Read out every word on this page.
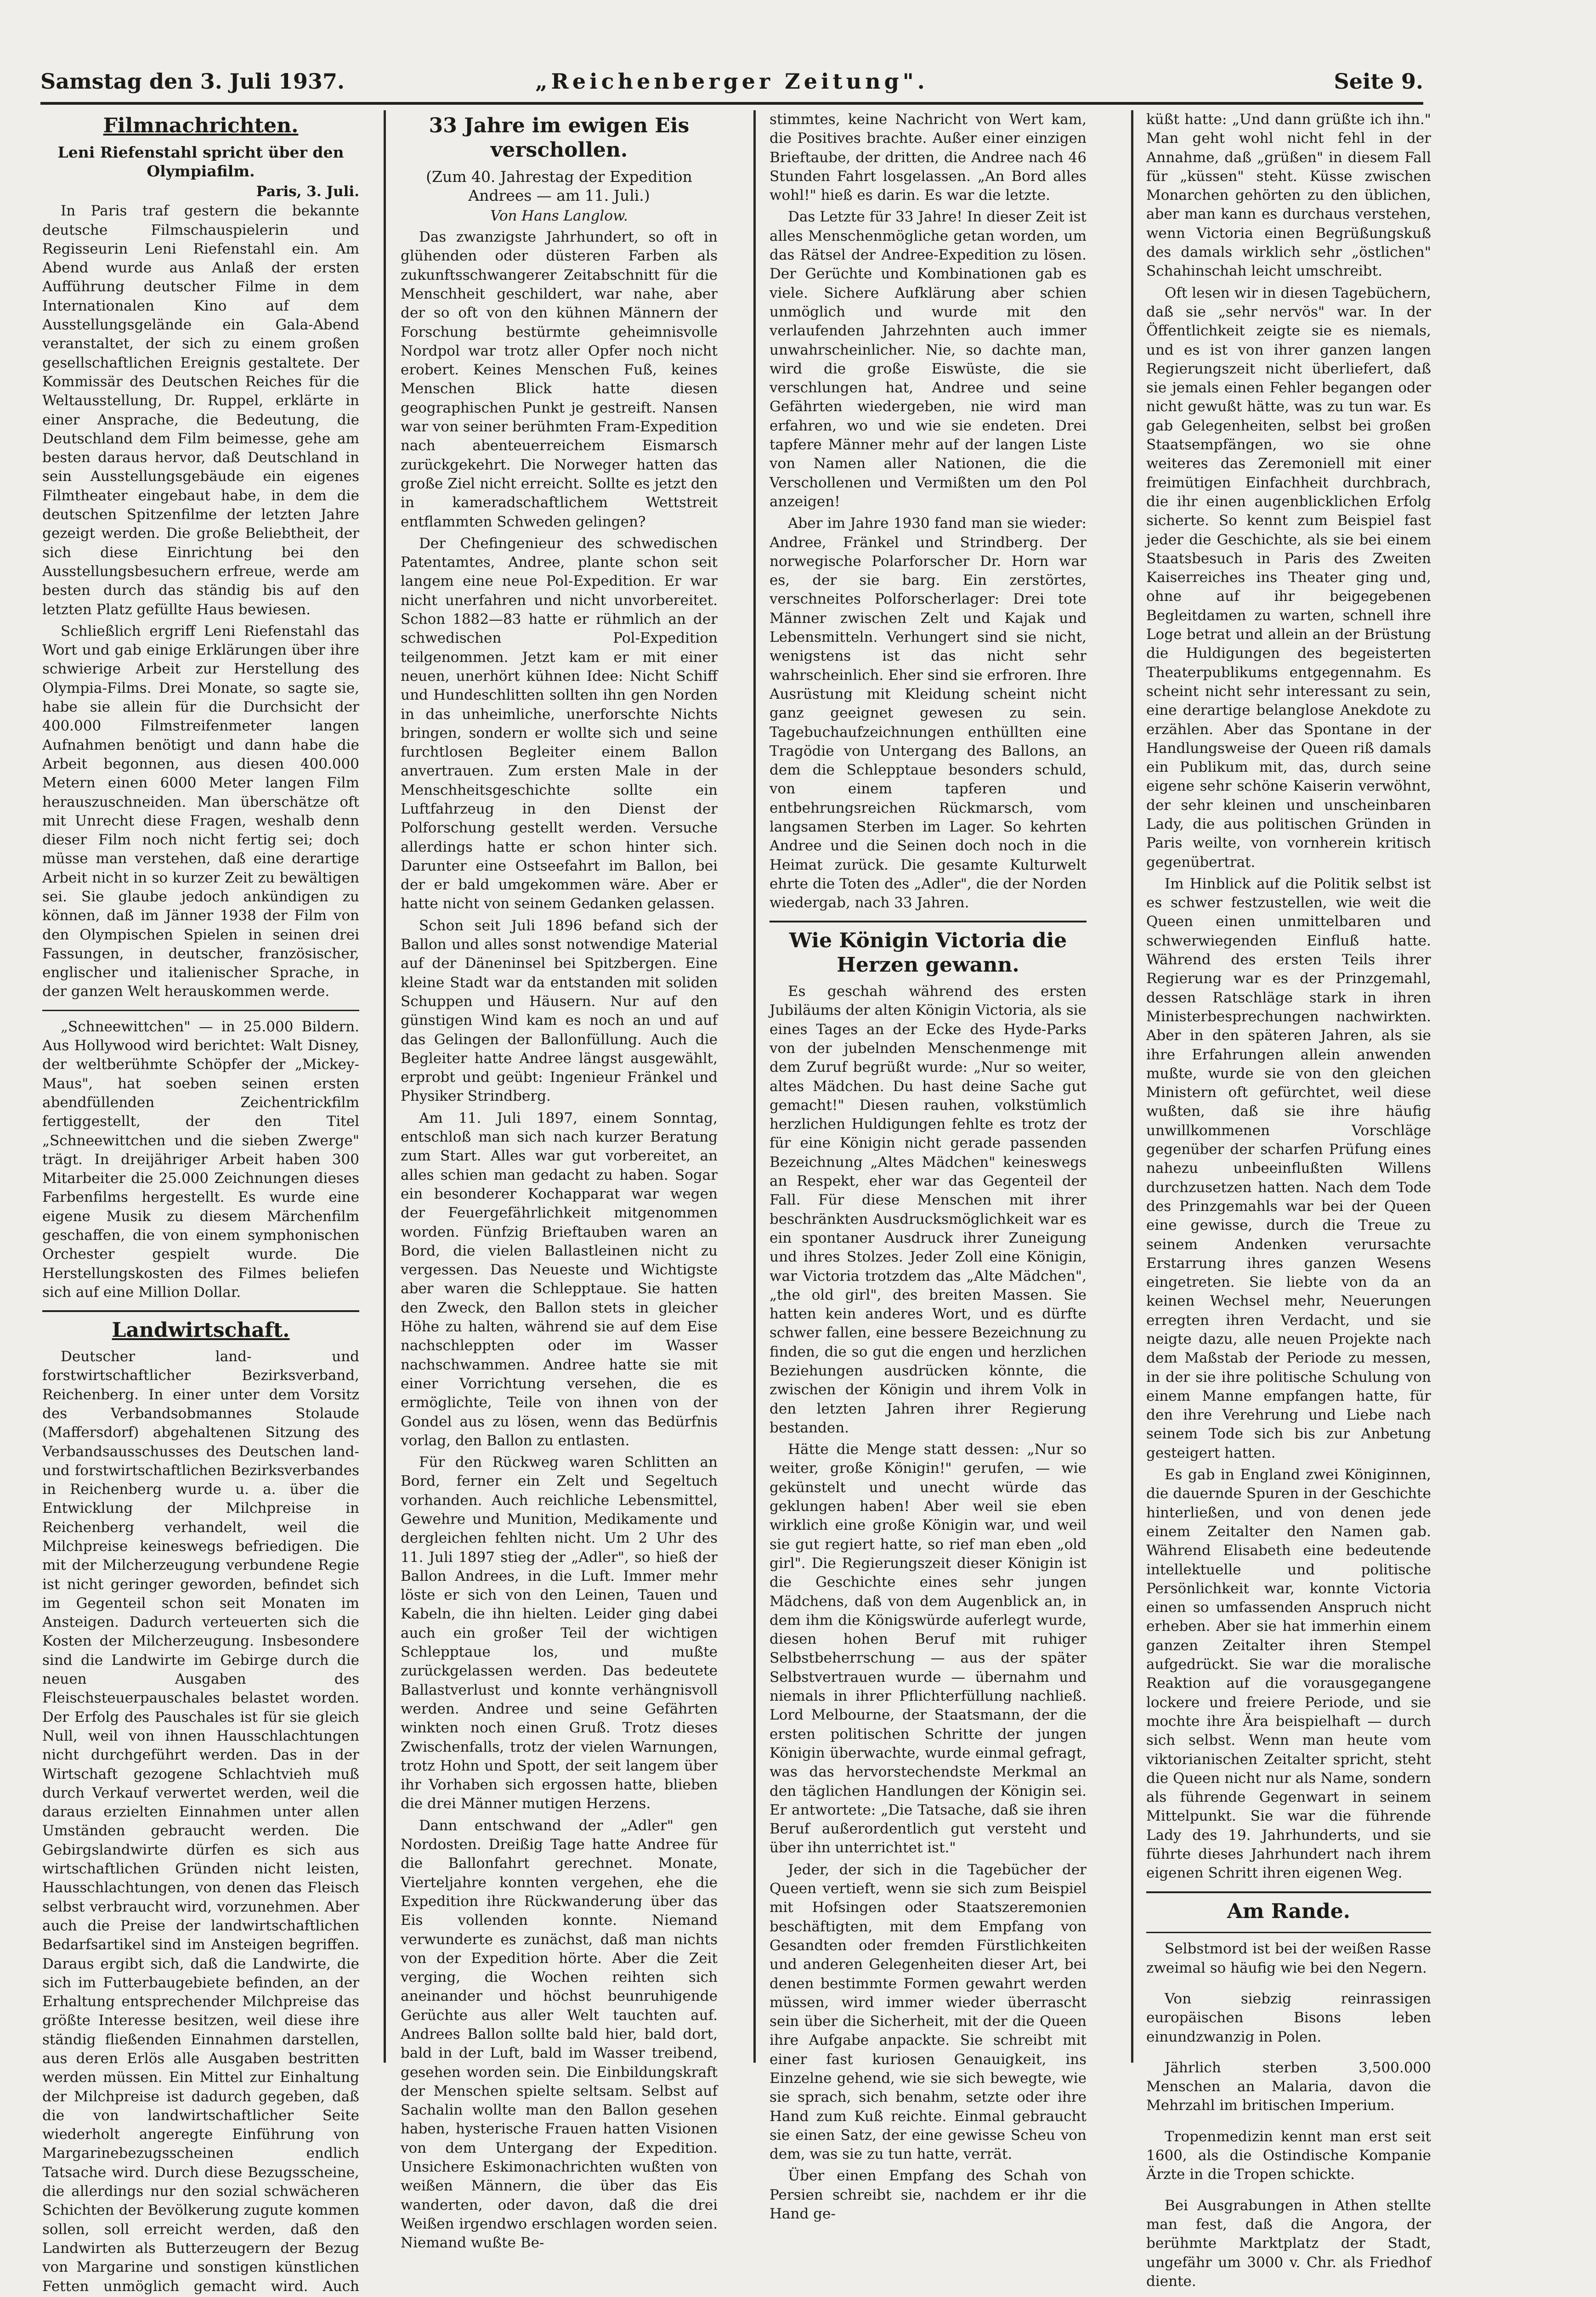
Samstag den 3. Juli 1937.	„Reichenberger Zeitung".	Seite 9.
Filmnachrichten.
Leni Riefenstahl spricht über den Olympiafilm.
Paris, 3. Juli.

In Paris traf gestern die bekannte deutsche Filmschauspielerin und Regisseurin Leni Riefenstahl ein. Am Abend wurde aus Anlaß der ersten Aufführung deutscher Filme in dem Internationalen Kino auf dem Ausstellungsgelände ein Gala-Abend veranstaltet, der sich zu einem großen gesellschaftlichen Ereignis gestaltete. Der Kommissär des Deutschen Reiches für die Weltausstellung, Dr. Ruppel, erklärte in einer Ansprache, die Bedeutung, die Deutschland dem Film beimesse, gehe am besten daraus hervor, daß Deutschland in sein Ausstellungsgebäude ein eigenes Filmtheater eingebaut habe, in dem die deutschen Spitzenfilme der letzten Jahre gezeigt werden. Die große Beliebtheit, der sich diese Einrichtung bei den Ausstellungsbesuchern erfreue, werde am besten durch das ständig bis auf den letzten Platz gefüllte Haus bewiesen.

Schließlich ergriff Leni Riefenstahl das Wort und gab einige Erklärungen über ihre schwierige Arbeit zur Herstellung des Olympia-Films. Drei Monate, so sagte sie, habe sie allein für die Durchsicht der 400.000 Filmstreifenmeter langen Aufnahmen benötigt und dann habe die Arbeit begonnen, aus diesen 400.000 Metern einen 6000 Meter langen Film herauszuschneiden. Man überschätze oft mit Unrecht diese Fragen, weshalb denn dieser Film noch nicht fertig sei; doch müsse man verstehen, daß eine derartige Arbeit nicht in so kurzer Zeit zu bewältigen sei. Sie glaube jedoch ankündigen zu können, daß im Jänner 1938 der Film von den Olympischen Spielen in seinen drei Fassungen, in deutscher, französischer, englischer und italienischer Sprache, in der ganzen Welt herauskommen werde.

„Schneewittchen" — in 25.000 Bildern. Aus Hollywood wird berichtet: Walt Disney, der weltberühmte Schöpfer der „Mickey-Maus", hat soeben seinen ersten abendfüllenden Zeichentrickfilm fertiggestellt, der den Titel „Schneewittchen und die sieben Zwerge" trägt. In dreijähriger Arbeit haben 300 Mitarbeiter die 25.000 Zeichnungen dieses Farbenfilms hergestellt. Es wurde eine eigene Musik zu diesem Märchenfilm geschaffen, die von einem symphonischen Orchester gespielt wurde. Die Herstellungskosten des Filmes beliefen sich auf eine Million Dollar.

Landwirtschaft.

Deutscher land- und forstwirtschaftlicher Bezirksverband, Reichenberg. In einer unter dem Vorsitz des Verbandsobmannes Stolaude (Maffersdorf) abgehaltenen Sitzung des Verbandsausschusses des Deutschen land- und forstwirtschaftlichen Bezirksverbandes in Reichenberg wurde u. a. über die Entwicklung der Milchpreise in Reichenberg verhandelt, weil die Milchpreise keineswegs befriedigen. Die mit der Milcherzeugung verbundene Regie ist nicht geringer geworden, befindet sich im Gegenteil schon seit Monaten im Ansteigen. Dadurch verteuerten sich die Kosten der Milcherzeugung. Insbesondere sind die Landwirte im Gebirge durch die neuen Ausgaben des Fleischsteuerpauschales belastet worden. Der Erfolg des Pauschales ist für sie gleich Null, weil von ihnen Hausschlachtungen nicht durchgeführt werden. Das in der Wirtschaft gezogene Schlachtvieh muß durch Verkauf verwertet werden, weil die daraus erzielten Einnahmen unter allen Umständen gebraucht werden. Die Gebirgslandwirte dürfen es sich aus wirtschaftlichen Gründen nicht leisten, Hausschlachtungen, von denen das Fleisch selbst verbraucht wird, vorzunehmen. Aber auch die Preise der landwirtschaftlichen Bedarfsartikel sind im Ansteigen begriffen. Daraus ergibt sich, daß die Landwirte, die sich im Futterbaugebiete befinden, an der Erhaltung entsprechender Milchpreise das größte Interesse besitzen, weil diese ihre ständig fließenden Einnahmen darstellen, aus deren Erlös alle Ausgaben bestritten werden müssen. Ein Mittel zur Einhaltung der Milchpreise ist dadurch gegeben, daß die von landwirtschaftlicher Seite wiederholt angeregte Einführung von Margarinebezugsscheinen endlich Tatsache wird. Durch diese Bezugsscheine, die allerdings nur den sozial schwächeren Schichten der Bevölkerung zugute kommen sollen, soll erreicht werden, daß den Landwirten als Butterzeugern der Bezug von Margarine und sonstigen künstlichen Fetten unmöglich gemacht wird. Auch

33 Jahre im ewigen Eis verschollen.
(Zum 40. Jahrestag der Expedition Andrees — am 11. Juli.)
Von Hans Langlow.

Das zwanzigste Jahrhundert, so oft in glühenden oder düsteren Farben als zukunftsschwangerer Zeitabschnitt für die Menschheit geschildert, war nahe, aber der so oft von den kühnen Männern der Forschung bestürmte geheimnisvolle Nordpol war trotz aller Opfer noch nicht erobert. Keines Menschen Fuß, keines Menschen Blick hatte diesen geographischen Punkt je gestreift. Nansen war von seiner berühmten Fram-Expedition nach abenteuerreichem Eismarsch zurückgekehrt. Die Norweger hatten das große Ziel nicht erreicht. Sollte es jetzt den in kameradschaftlichem Wettstreit entflammten Schweden gelingen?

Der Chefingenieur des schwedischen Patentamtes, Andree, plante schon seit langem eine neue Pol-Expedition. Er war nicht unerfahren und nicht unvorbereitet. Schon 1882—83 hatte er rühmlich an der schwedischen Pol-Expedition teilgenommen. Jetzt kam er mit einer neuen, unerhört kühnen Idee: Nicht Schiff und Hundeschlitten sollten ihn gen Norden in das unheimliche, unerforschte Nichts bringen, sondern er wollte sich und seine furchtlosen Begleiter einem Ballon anvertrauen. Zum ersten Male in der Menschheitsgeschichte sollte ein Luftfahrzeug in den Dienst der Polforschung gestellt werden. Versuche allerdings hatte er schon hinter sich. Darunter eine Ostseefahrt im Ballon, bei der er bald umgekommen wäre. Aber er hatte nicht von seinem Gedanken gelassen.

Schon seit Juli 1896 befand sich der Ballon und alles sonst notwendige Material auf der Däneninsel bei Spitzbergen. Eine kleine Stadt war da entstanden mit soliden Schuppen und Häusern. Nur auf den günstigen Wind kam es noch an und auf das Gelingen der Ballonfüllung. Auch die Begleiter hatte Andree längst ausgewählt, erprobt und geübt: Ingenieur Fränkel und Physiker Strindberg.

Am 11. Juli 1897, einem Sonntag, entschloß man sich nach kurzer Beratung zum Start. Alles war gut vorbereitet, an alles schien man gedacht zu haben. Sogar ein besonderer Kochapparat war wegen der Feuergefährlichkeit mitgenommen worden. Fünfzig Brieftauben waren an Bord, die vielen Ballastleinen nicht zu vergessen. Das Neueste und Wichtigste aber waren die Schlepptaue. Sie hatten den Zweck, den Ballon stets in gleicher Höhe zu halten, während sie auf dem Eise nachschleppten oder im Wasser nachschwammen. Andree hatte sie mit einer Vorrichtung versehen, die es ermöglichte, Teile von ihnen von der Gondel aus zu lösen, wenn das Bedürfnis vorlag, den Ballon zu entlasten.

Für den Rückweg waren Schlitten an Bord, ferner ein Zelt und Segeltuch vorhanden. Auch reichliche Lebensmittel, Gewehre und Munition, Medikamente und dergleichen fehlten nicht. Um 2 Uhr des 11. Juli 1897 stieg der „Adler", so hieß der Ballon Andrees, in die Luft. Immer mehr löste er sich von den Leinen, Tauen und Kabeln, die ihn hielten. Leider ging dabei auch ein großer Teil der wichtigen Schlepptaue los, und mußte zurückgelassen werden. Das bedeutete Ballastverlust und konnte verhängnisvoll werden. Andree und seine Gefährten winkten noch einen Gruß. Trotz dieses Zwischenfalls, trotz der vielen Warnungen, trotz Hohn und Spott, der seit langem über ihr Vorhaben sich ergossen hatte, blieben die drei Männer mutigen Herzens.

Dann entschwand der „Adler" gen Nordosten. Dreißig Tage hatte Andree für die Ballonfahrt gerechnet. Monate, Vierteljahre konnten vergehen, ehe die Expedition ihre Rückwanderung über das Eis vollenden konnte. Niemand verwunderte es zunächst, daß man nichts von der Expedition hörte. Aber die Zeit verging, die Wochen reihten sich aneinander und höchst beunruhigende Gerüchte aus aller Welt tauchten auf. Andrees Ballon sollte bald hier, bald dort, bald in der Luft, bald im Wasser treibend, gesehen worden sein. Die Einbildungskraft der Menschen spielte seltsam. Selbst auf Sachalin wollte man den Ballon gesehen haben, hysterische Frauen hatten Visionen von dem Untergang der Expedition. Unsichere Eskimonachrichten wußten von weißen Männern, die über das Eis wanderten, oder davon, daß die drei Weißen irgendwo erschlagen worden seien. Niemand wußte Be-

stimmtes, keine Nachricht von Wert kam, die Positives brachte. Außer einer einzigen Brieftaube, der dritten, die Andree nach 46 Stunden Fahrt losgelassen. „An Bord alles wohl!" hieß es darin. Es war die letzte.

Das Letzte für 33 Jahre! In dieser Zeit ist alles Menschenmögliche getan worden, um das Rätsel der Andree-Expedition zu lösen. Der Gerüchte und Kombinationen gab es viele. Sichere Aufklärung aber schien unmöglich und wurde mit den verlaufenden Jahrzehnten auch immer unwahrscheinlicher. Nie, so dachte man, wird die große Eiswüste, die sie verschlungen hat, Andree und seine Gefährten wiedergeben, nie wird man erfahren, wo und wie sie endeten. Drei tapfere Männer mehr auf der langen Liste von Namen aller Nationen, die die Verschollenen und Vermißten um den Pol anzeigen!

Aber im Jahre 1930 fand man sie wieder: Andree, Fränkel und Strindberg. Der norwegische Polarforscher Dr. Horn war es, der sie barg. Ein zerstörtes, verschneites Polforscherlager: Drei tote Männer zwischen Zelt und Kajak und Lebensmitteln. Verhungert sind sie nicht, wenigstens ist das nicht sehr wahrscheinlich. Eher sind sie erfroren. Ihre Ausrüstung mit Kleidung scheint nicht ganz geeignet gewesen zu sein. Tagebuchaufzeichnungen enthüllten eine Tragödie von Untergang des Ballons, an dem die Schlepptaue besonders schuld, von einem tapferen und entbehrungsreichen Rückmarsch, vom langsamen Sterben im Lager. So kehrten Andree und die Seinen doch noch in die Heimat zurück. Die gesamte Kulturwelt ehrte die Toten des „Adler", die der Norden wiedergab, nach 33 Jahren.

Wie Königin Victoria die Herzen gewann.

Es geschah während des ersten Jubiläums der alten Königin Victoria, als sie eines Tages an der Ecke des Hyde-Parks von der jubelnden Menschenmenge mit dem Zuruf begrüßt wurde: „Nur so weiter, altes Mädchen. Du hast deine Sache gut gemacht!" Diesen rauhen, volkstümlich herzlichen Huldigungen fehlte es trotz der für eine Königin nicht gerade passenden Bezeichnung „Altes Mädchen" keineswegs an Respekt, eher war das Gegenteil der Fall. Für diese Menschen mit ihrer beschränkten Ausdrucksmöglichkeit war es ein spontaner Ausdruck ihrer Zuneigung und ihres Stolzes. Jeder Zoll eine Königin, war Victoria trotzdem das „Alte Mädchen", „the old girl", des breiten Massen. Sie hatten kein anderes Wort, und es dürfte schwer fallen, eine bessere Bezeichnung zu finden, die so gut die engen und herzlichen Beziehungen ausdrücken könnte, die zwischen der Königin und ihrem Volk in den letzten Jahren ihrer Regierung bestanden.

Hätte die Menge statt dessen: „Nur so weiter, große Königin!" gerufen, — wie gekünstelt und unecht würde das geklungen haben! Aber weil sie eben wirklich eine große Königin war, und weil sie gut regiert hatte, so rief man eben „old girl". Die Regierungszeit dieser Königin ist die Geschichte eines sehr jungen Mädchens, daß von dem Augenblick an, in dem ihm die Königswürde auferlegt wurde, diesen hohen Beruf mit ruhiger Selbstbeherrschung — aus der später Selbstvertrauen wurde — übernahm und niemals in ihrer Pflichterfüllung nachließ. Lord Melbourne, der Staatsmann, der die ersten politischen Schritte der jungen Königin überwachte, wurde einmal gefragt, was das hervorstechendste Merkmal an den täglichen Handlungen der Königin sei. Er antwortete: „Die Tatsache, daß sie ihren Beruf außerordentlich gut versteht und über ihn unterrichtet ist."

Jeder, der sich in die Tagebücher der Queen vertieft, wenn sie sich zum Beispiel mit Hofsingen oder Staatszeremonien beschäftigten, mit dem Empfang von Gesandten oder fremden Fürstlichkeiten und anderen Gelegenheiten dieser Art, bei denen bestimmte Formen gewahrt werden müssen, wird immer wieder überrascht sein über die Sicherheit, mit der die Queen ihre Aufgabe anpackte. Sie schreibt mit einer fast kuriosen Genauigkeit, ins Einzelne gehend, wie sie sich bewegte, wie sie sprach, sich benahm, setzte oder ihre Hand zum Kuß reichte. Einmal gebraucht sie einen Satz, der eine gewisse Scheu von dem, was sie zu tun hatte, verrät.

Über einen Empfang des Schah von Persien schreibt sie, nachdem er ihr die Hand ge-

küßt hatte: „Und dann grüßte ich ihn." Man geht wohl nicht fehl in der Annahme, daß „grüßen" in diesem Fall für „küssen" steht. Küsse zwischen Monarchen gehörten zu den üblichen, aber man kann es durchaus verstehen, wenn Victoria einen Begrüßungskuß des damals wirklich sehr „östlichen" Schahinschah leicht umschreibt.

Oft lesen wir in diesen Tagebüchern, daß sie „sehr nervös" war. In der Öffentlichkeit zeigte sie es niemals, und es ist von ihrer ganzen langen Regierungszeit nicht überliefert, daß sie jemals einen Fehler begangen oder nicht gewußt hätte, was zu tun war. Es gab Gelegenheiten, selbst bei großen Staatsempfängen, wo sie ohne weiteres das Zeremoniell mit einer freimütigen Einfachheit durchbrach, die ihr einen augenblicklichen Erfolg sicherte. So kennt zum Beispiel fast jeder die Geschichte, als sie bei einem Staatsbesuch in Paris des Zweiten Kaiserreiches ins Theater ging und, ohne auf ihr beigegebenen Begleitdamen zu warten, schnell ihre Loge betrat und allein an der Brüstung die Huldigungen des begeisterten Theaterpublikums entgegennahm. Es scheint nicht sehr interessant zu sein, eine derartige belanglose Anekdote zu erzählen. Aber das Spontane in der Handlungsweise der Queen riß damals ein Publikum mit, das, durch seine eigene sehr schöne Kaiserin verwöhnt, der sehr kleinen und unscheinbaren Lady, die aus politischen Gründen in Paris weilte, von vornherein kritisch gegenübertrat.

Im Hinblick auf die Politik selbst ist es schwer festzustellen, wie weit die Queen einen unmittelbaren und schwerwiegenden Einfluß hatte. Während des ersten Teils ihrer Regierung war es der Prinzgemahl, dessen Ratschläge stark in ihren Ministerbesprechungen nachwirkten. Aber in den späteren Jahren, als sie ihre Erfahrungen allein anwenden mußte, wurde sie von den gleichen Ministern oft gefürchtet, weil diese wußten, daß sie ihre häufig unwillkommenen Vorschläge gegenüber der scharfen Prüfung eines nahezu unbeeinflußten Willens durchzusetzen hatten. Nach dem Tode des Prinzgemahls war bei der Queen eine gewisse, durch die Treue zu seinem Andenken verursachte Erstarrung ihres ganzen Wesens eingetreten. Sie liebte von da an keinen Wechsel mehr, Neuerungen erregten ihren Verdacht, und sie neigte dazu, alle neuen Projekte nach dem Maßstab der Periode zu messen, in der sie ihre politische Schulung von einem Manne empfangen hatte, für den ihre Verehrung und Liebe nach seinem Tode sich bis zur Anbetung gesteigert hatten.

Es gab in England zwei Königinnen, die dauernde Spuren in der Geschichte hinterließen, und von denen jede einem Zeitalter den Namen gab. Während Elisabeth eine bedeutende intellektuelle und politische Persönlichkeit war, konnte Victoria einen so umfassenden Anspruch nicht erheben. Aber sie hat immerhin einem ganzen Zeitalter ihren Stempel aufgedrückt. Sie war die moralische Reaktion auf die vorausgegangene lockere und freiere Periode, und sie mochte ihre Ära beispielhaft — durch sich selbst. Wenn man heute vom viktorianischen Zeitalter spricht, steht die Queen nicht nur als Name, sondern als führende Gegenwart in seinem Mittelpunkt. Sie war die führende Lady des 19. Jahrhunderts, und sie führte dieses Jahrhundert nach ihrem eigenen Schritt ihren eigenen Weg.

Am Rande.
Selbstmord ist bei der weißen Rasse zweimal so häufig wie bei den Negern.
Von siebzig reinrassigen europäischen Bisons leben einundzwanzig in Polen.
Jährlich sterben 3,500.000 Menschen an Malaria, davon die Mehrzahl im britischen Imperium.
Tropenmedizin kennt man erst seit 1600, als die Ostindische Kompanie Ärzte in die Tropen schickte.
Bei Ausgrabungen in Athen stellte man fest, daß die Angora, der berühmte Marktplatz der Stadt, ungefähr um 3000 v. Chr. als Friedhof diente.
